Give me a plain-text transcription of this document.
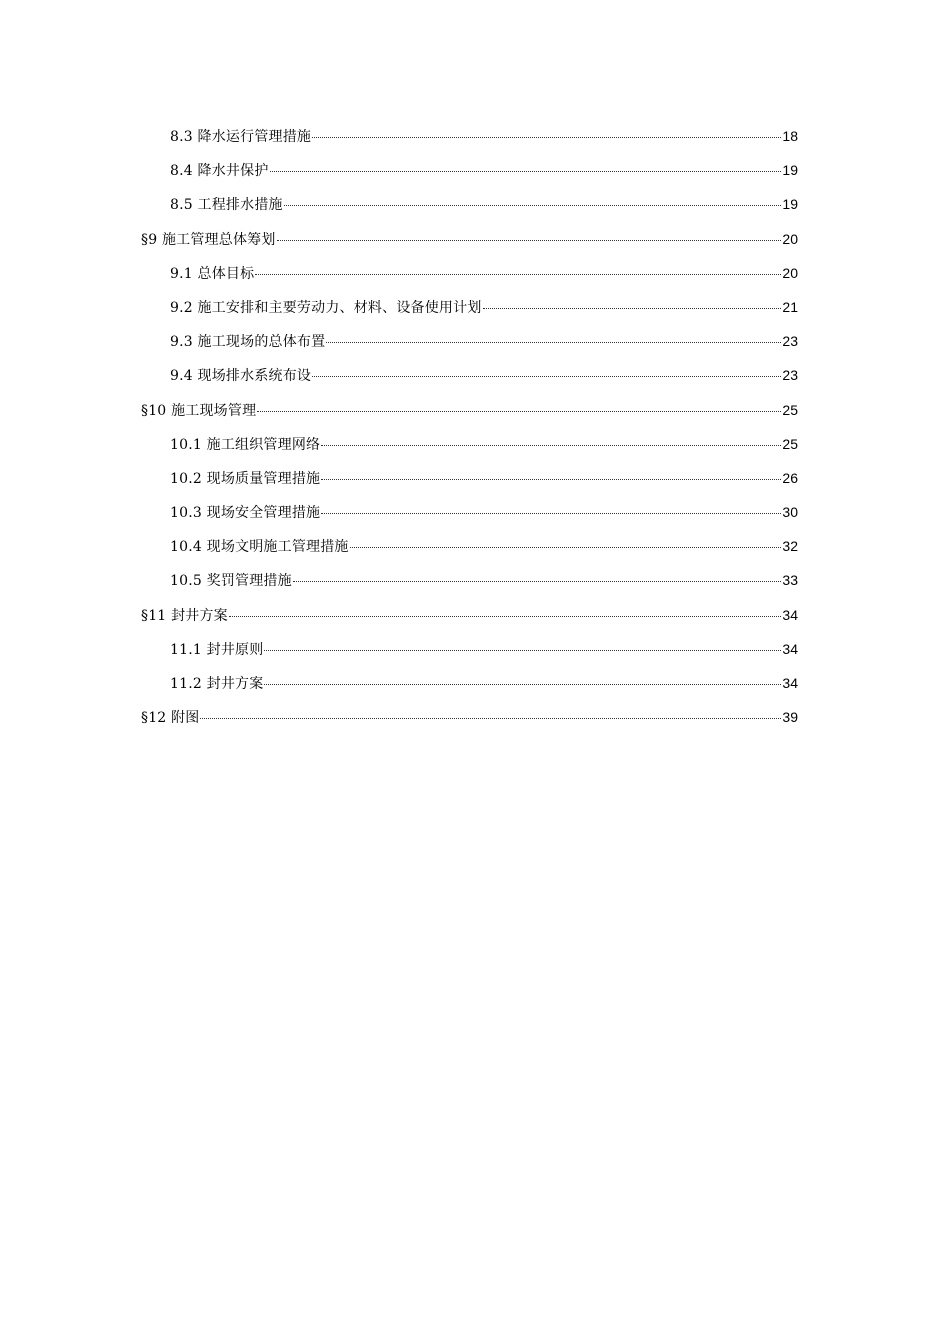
8.3 降水运行管理措施	18
8.4 降水井保护	19
8.5 工程排水措施	19
§9 施工管理总体筹划	20
9.1 总体目标	20
9.2 施工安排和主要劳动力、材料、设备使用计划	21
9.3 施工现场的总体布置	23
9.4 现场排水系统布设	23
§10 施工现场管理	25
10.1 施工组织管理网络	25
10.2 现场质量管理措施	26
10.3 现场安全管理措施	30
10.4 现场文明施工管理措施	32
10.5 奖罚管理措施	33
§11 封井方案	34
11.1 封井原则	34
11.2 封井方案	34
§12 附图	39
